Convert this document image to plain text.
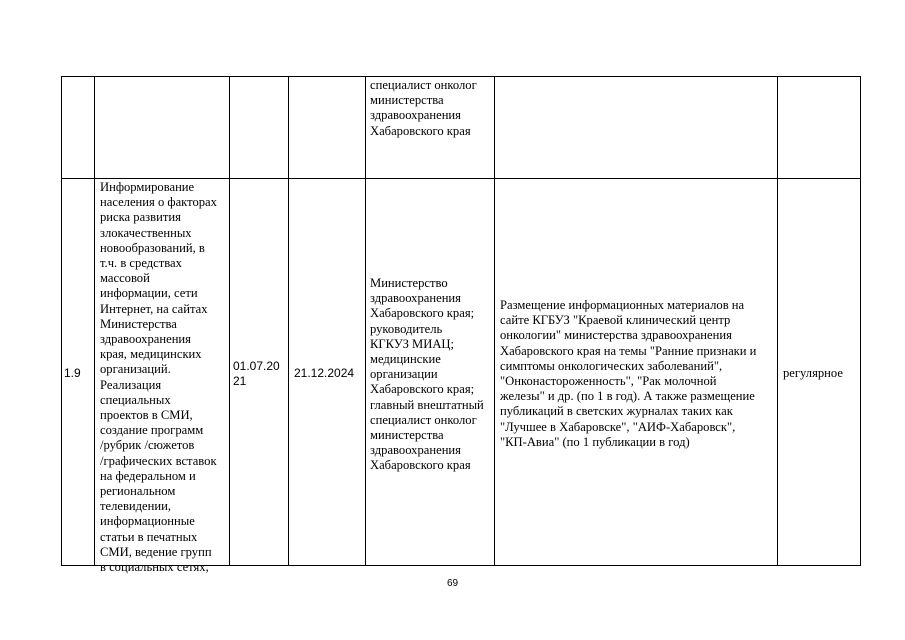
специалист онколог
министерства
здравоохранения
Хабаровского края
1.9
Информирование
населения о факторах
риска развития
злокачественных
новообразований, в
т.ч. в средствах
массовой
информации, сети
Интернет, на сайтах
Министерства
здравоохранения
края, медицинских
организаций.
Реализация
специальных
проектов в СМИ,
создание программ
/рубрик /сюжетов
/графических вставок
на федеральном и
региональном
телевидении,
информационные
статьи в печатных
СМИ, ведение групп
в социальных сетях,
01.07.20
21
21.12.2024
Министерство
здравоохранения
Хабаровского края;
руководитель
КГКУЗ МИАЦ;
медицинские
организации
Хабаровского края;
главный внештатный
специалист онколог
министерства
здравоохранения
Хабаровского края
Размещение информационных материалов на
сайте КГБУЗ "Краевой клинический центр
онкологии" министерства здравоохранения
Хабаровского края на темы "Ранние признаки и
симптомы онкологических заболеваний",
"Онконастороженность", "Рак молочной
железы" и др. (по 1 в год). А также размещение
публикаций в светских журналах таких как
"Лучшее в Хабаровске", "АИФ-Хабаровск",
"КП-Авиа" (по 1 публикации в год)
регулярное
69
